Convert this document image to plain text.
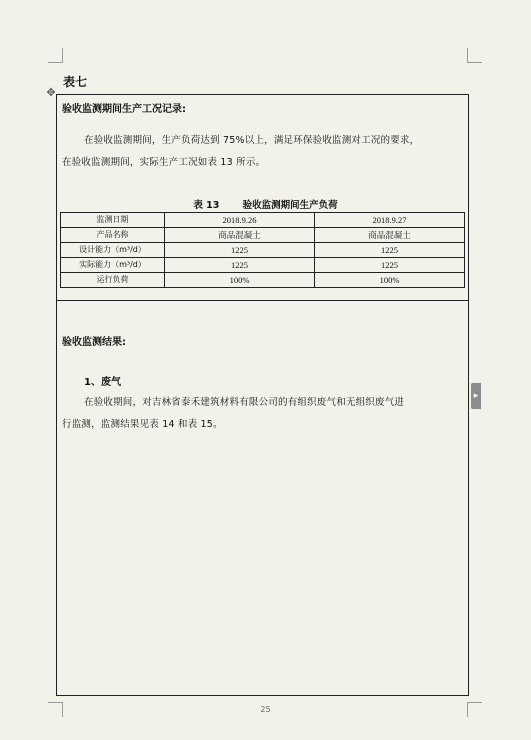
表七
✥
验收监测期间生产工况记录:
在验收监测期间，生产负荷达到 75%以上，满足环保验收监测对工况的要求，
在验收监测期间，实际生产工况如表 13 所示。
表 13 验收监测期间生产负荷
监测日期	2018.9.26	2018.9.27
产品名称	商品混凝土	商品混凝土
设计能力（m³/d）	1225	1225
实际能力（m³/d）	1225	1225
运行负荷	100%	100%
验收监测结果:
1、废气
在验收期间，对吉林省泰禾建筑材料有限公司的有组织废气和无组织废气进
行监测，监测结果见表 14 和表 15。
▸
25
